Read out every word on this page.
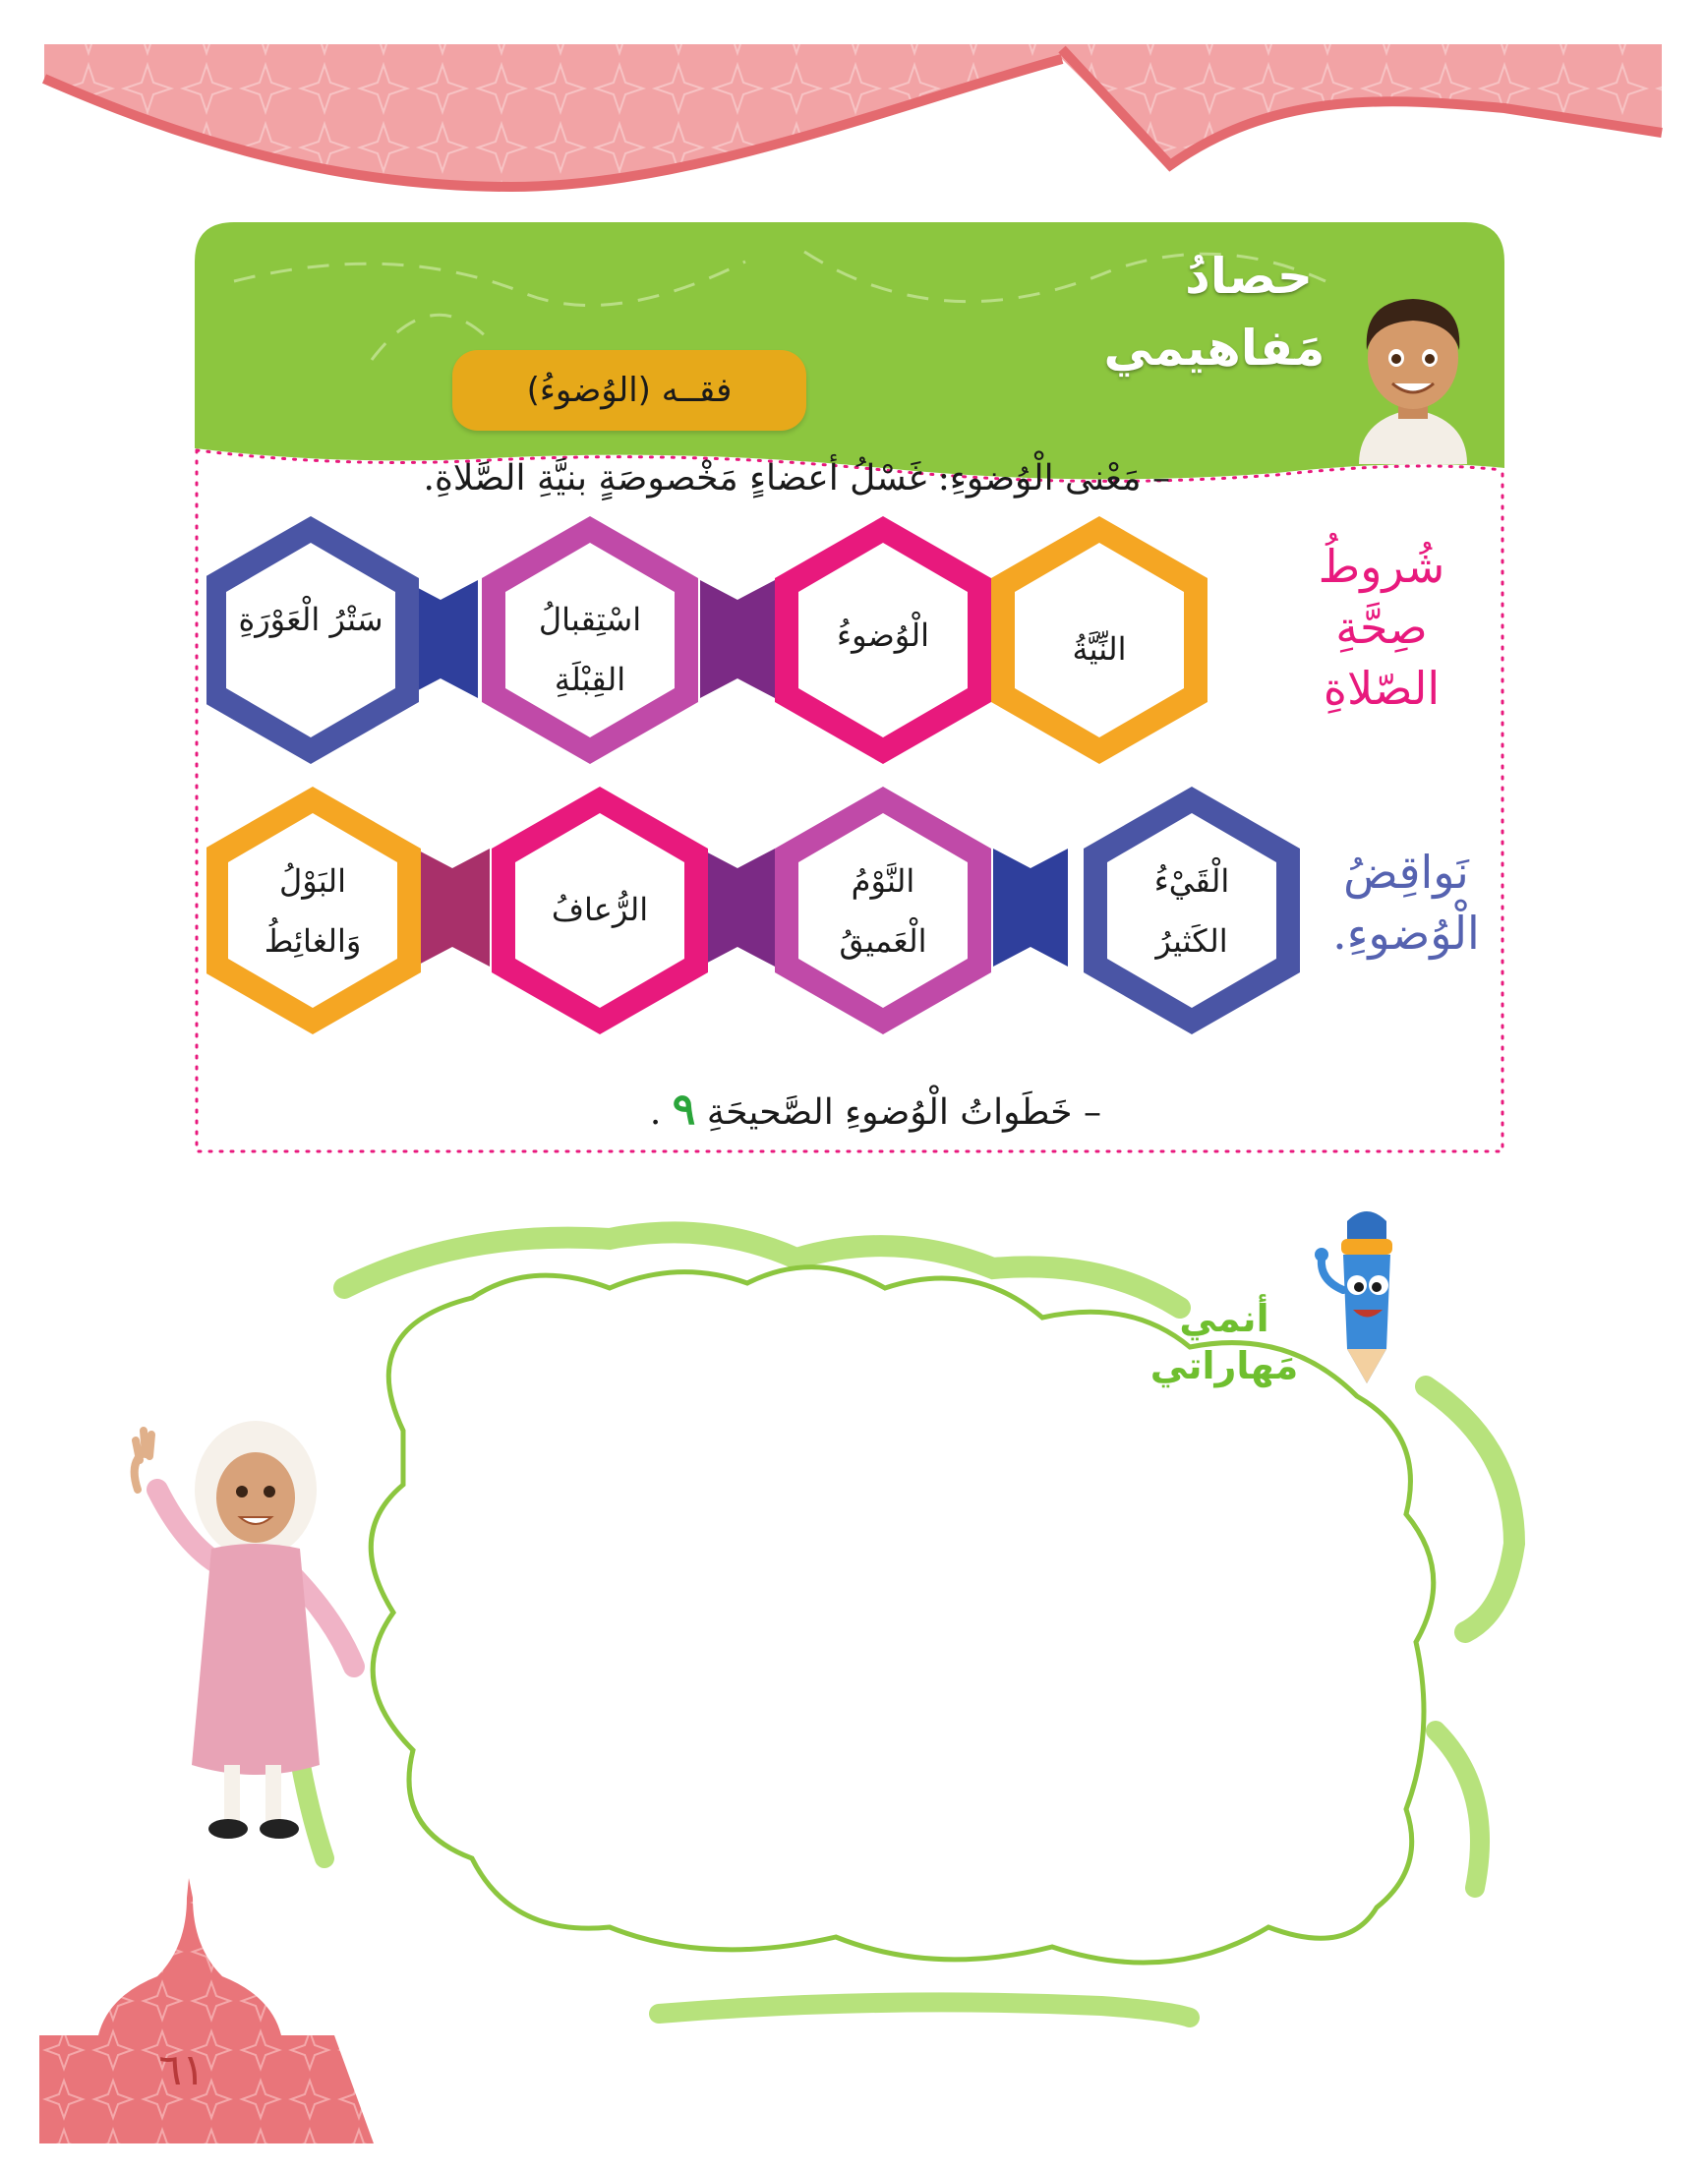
حصادُ
مَفاهيمي
فقــه (الوُضوءُ)
– مَعْنى الْوُضوءِ: غَسْلُ أعضاءٍ مَخْصوصَةٍ بنيَّةِ الصَّلاةِ.
النِّيَّةُ
الْوُضوءُ
اسْتِقبالُ القِبْلَةِ
سَتْرُ الْعَوْرَةِ
شُروطُ صِحَّةِ الصّلاةِ
الْقَيْءُ الكَثيرُ
النَّوْمُ الْعَميقُ
الرُّعافُ
البَوْلُ وَالغائِطُ
نَواقِضُ الْوُضوءِ.
– خَطَواتُ الْوُضوءِ الصَّحيحَةِ ٩ .
أنمي
مَهاراتي
٦١
